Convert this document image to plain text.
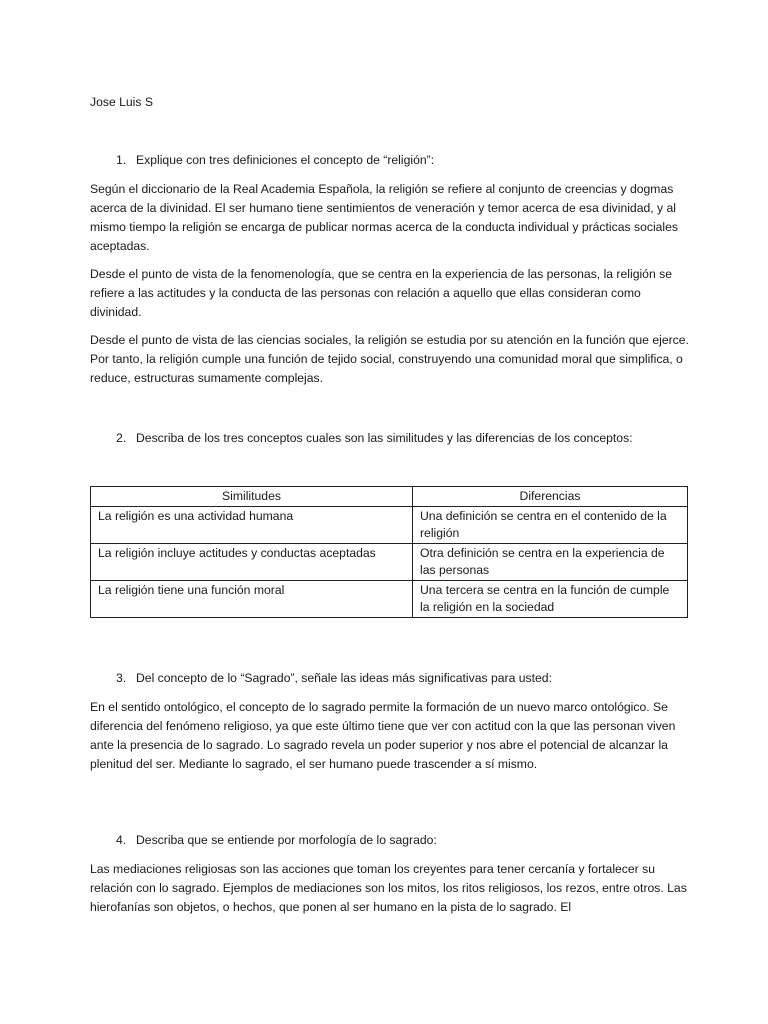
Jose Luis S

1. Explique con tres definiciones el concepto de “religión”:

Según el diccionario de la Real Academia Española, la religión se refiere al conjunto de creencias y dogmas acerca de la divinidad. El ser humano tiene sentimientos de veneración y temor acerca de esa divinidad, y al mismo tiempo la religión se encarga de publicar normas acerca de la conducta individual y prácticas sociales aceptadas.

Desde el punto de vista de la fenomenología, que se centra en la experiencia de las personas, la religión se refiere a las actitudes y la conducta de las personas con relación a aquello que ellas consideran como divinidad.

Desde el punto de vista de las ciencias sociales, la religión se estudia por su atención en la función que ejerce. Por tanto, la religión cumple una función de tejido social, construyendo una comunidad moral que simplifica, o reduce, estructuras sumamente complejas.

2. Describa de los tres conceptos cuales son las similitudes y las diferencias de los conceptos:

Similitudes	Diferencias
La religión es una actividad humana	Una definición se centra en el contenido de la religión
La religión incluye actitudes y conductas aceptadas	Otra definición se centra en la experiencia de las personas
La religión tiene una función moral	Una tercera se centra en la función de cumple la religión en la sociedad

3. Del concepto de lo “Sagrado”, señale las ideas más significativas para usted:

En el sentido ontológico, el concepto de lo sagrado permite la formación de un nuevo marco ontológico. Se diferencia del fenómeno religioso, ya que este último tiene que ver con actitud con la que las personan viven ante la presencia de lo sagrado. Lo sagrado revela un poder superior y nos abre el potencial de alcanzar la plenitud del ser. Mediante lo sagrado, el ser humano puede trascender a sí mismo.

4. Describa que se entiende por morfología de lo sagrado:

Las mediaciones religiosas son las acciones que toman los creyentes para tener cercanía y fortalecer su relación con lo sagrado. Ejemplos de mediaciones son los mitos, los ritos religiosos, los rezos, entre otros. Las hierofanías son objetos, o hechos, que ponen al ser humano en la pista de lo sagrado. El
